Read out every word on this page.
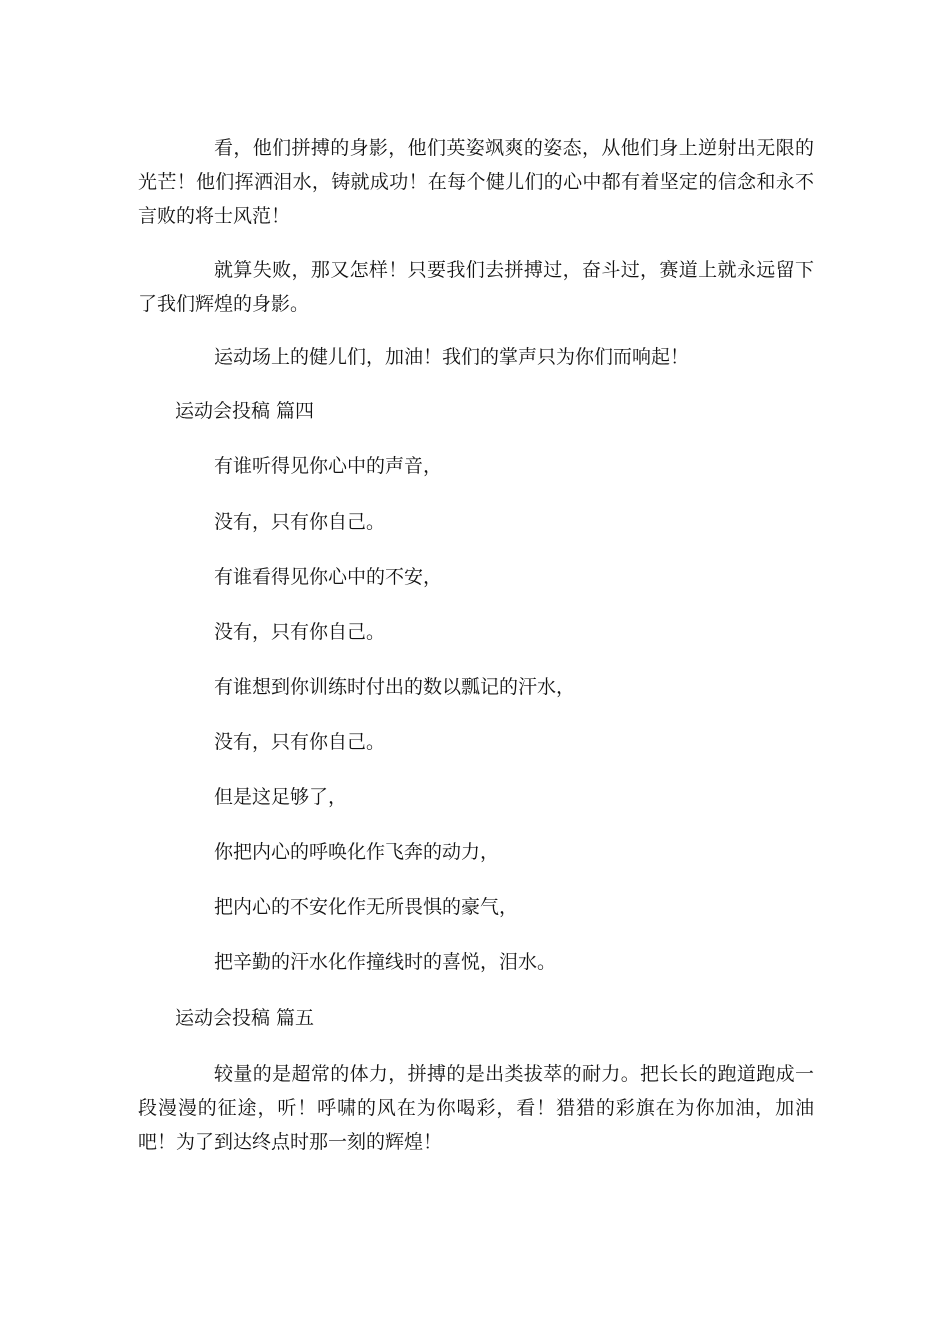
看，他们拼搏的身影，他们英姿飒爽的姿态，从他们身上逆射出无限的光芒！他们挥洒泪水，铸就成功！在每个健儿们的心中都有着坚定的信念和永不言败的将士风范！

就算失败，那又怎样！只要我们去拼搏过，奋斗过，赛道上就永远留下了我们辉煌的身影。

运动场上的健儿们，加油！我们的掌声只为你们而响起！

运动会投稿 篇四

有谁听得见你心中的声音，

没有，只有你自己。

有谁看得见你心中的不安，

没有，只有你自己。

有谁想到你训练时付出的数以瓢记的汗水，

没有，只有你自己。

但是这足够了，

你把内心的呼唤化作飞奔的动力，

把内心的不安化作无所畏惧的豪气，

把辛勤的汗水化作撞线时的喜悦，泪水。

运动会投稿 篇五

较量的是超常的体力，拼搏的是出类拔萃的耐力。把长长的跑道跑成一段漫漫的征途，听！呼啸的风在为你喝彩，看！猎猎的彩旗在为你加油，加油吧！为了到达终点时那一刻的辉煌！
